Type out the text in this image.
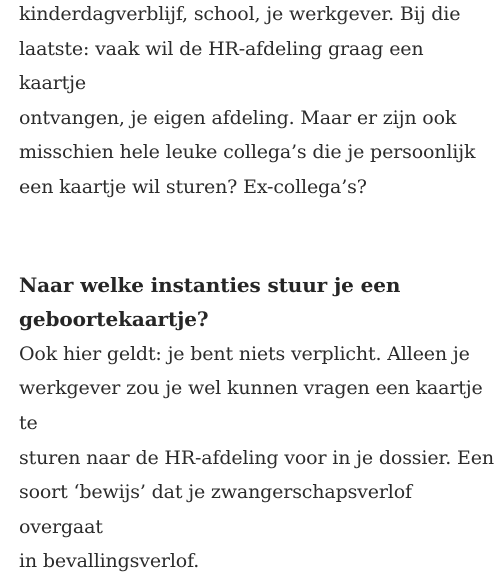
kinderdagverblijf, school, je werkgever. Bij die
laatste: vaak wil de HR-afdeling graag een kaartje
ontvangen, je eigen afdeling. Maar er zijn ook
misschien hele leuke collega’s die je persoonlijk
een kaartje wil sturen? Ex-collega’s?

Naar welke instanties stuur je een
geboortekaartje?

Ook hier geldt: je bent niets verplicht. Alleen je
werkgever zou je wel kunnen vragen een kaartje te
sturen naar de HR-afdeling voor in je dossier. Een
soort ‘bewijs’ dat je zwangerschapsverlof overgaat
in bevallingsverlof.
